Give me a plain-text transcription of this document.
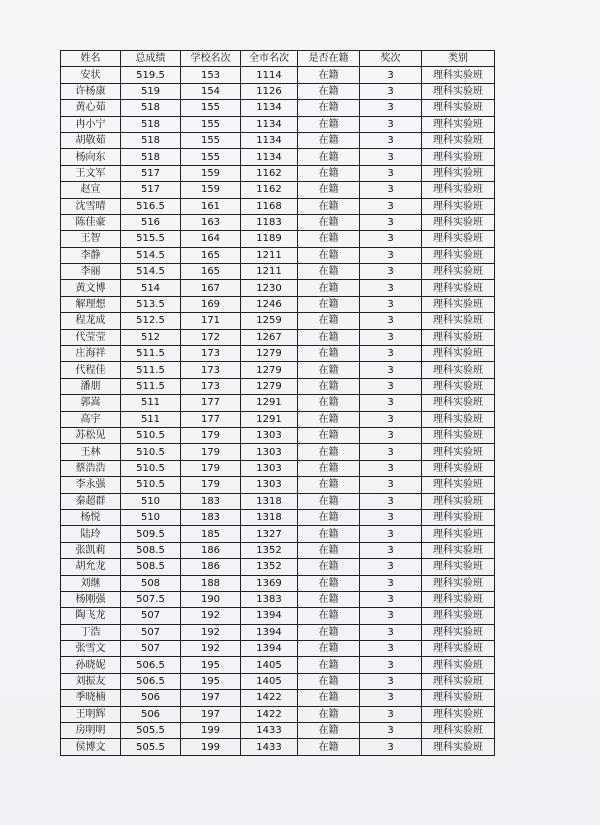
姓名	总成绩	学校名次	全市名次	是否在籍	奖次	类别
安状	519.5	153	1114	在籍	3	理科实验班
许杨康	519	154	1126	在籍	3	理科实验班
黄心茹	518	155	1134	在籍	3	理科实验班
冉小宁	518	155	1134	在籍	3	理科实验班
胡敬茹	518	155	1134	在籍	3	理科实验班
杨向东	518	155	1134	在籍	3	理科实验班
王文军	517	159	1162	在籍	3	理科实验班
赵宣	517	159	1162	在籍	3	理科实验班
沈雪晴	516.5	161	1168	在籍	3	理科实验班
陈佳豪	516	163	1183	在籍	3	理科实验班
王智	515.5	164	1189	在籍	3	理科实验班
李静	514.5	165	1211	在籍	3	理科实验班
李丽	514.5	165	1211	在籍	3	理科实验班
黄文博	514	167	1230	在籍	3	理科实验班
解理想	513.5	169	1246	在籍	3	理科实验班
程龙成	512.5	171	1259	在籍	3	理科实验班
代莹莹	512	172	1267	在籍	3	理科实验班
庄海祥	511.5	173	1279	在籍	3	理科实验班
代程佳	511.5	173	1279	在籍	3	理科实验班
潘朋	511.5	173	1279	在籍	3	理科实验班
郭嵩	511	177	1291	在籍	3	理科实验班
高宇	511	177	1291	在籍	3	理科实验班
苏松见	510.5	179	1303	在籍	3	理科实验班
王林	510.5	179	1303	在籍	3	理科实验班
蔡浩浩	510.5	179	1303	在籍	3	理科实验班
李永强	510.5	179	1303	在籍	3	理科实验班
秦超群	510	183	1318	在籍	3	理科实验班
杨悦	510	183	1318	在籍	3	理科实验班
陆玲	509.5	185	1327	在籍	3	理科实验班
张凯莉	508.5	186	1352	在籍	3	理科实验班
胡允龙	508.5	186	1352	在籍	3	理科实验班
刘继	508	188	1369	在籍	3	理科实验班
杨刚强	507.5	190	1383	在籍	3	理科实验班
陶飞龙	507	192	1394	在籍	3	理科实验班
丁浩	507	192	1394	在籍	3	理科实验班
张雪文	507	192	1394	在籍	3	理科实验班
孙晓妮	506.5	195	1405	在籍	3	理科实验班
刘振友	506.5	195	1405	在籍	3	理科实验班
季晓楠	506	197	1422	在籍	3	理科实验班
王明辉	506	197	1422	在籍	3	理科实验班
房明明	505.5	199	1433	在籍	3	理科实验班
侯博文	505.5	199	1433	在籍	3	理科实验班
